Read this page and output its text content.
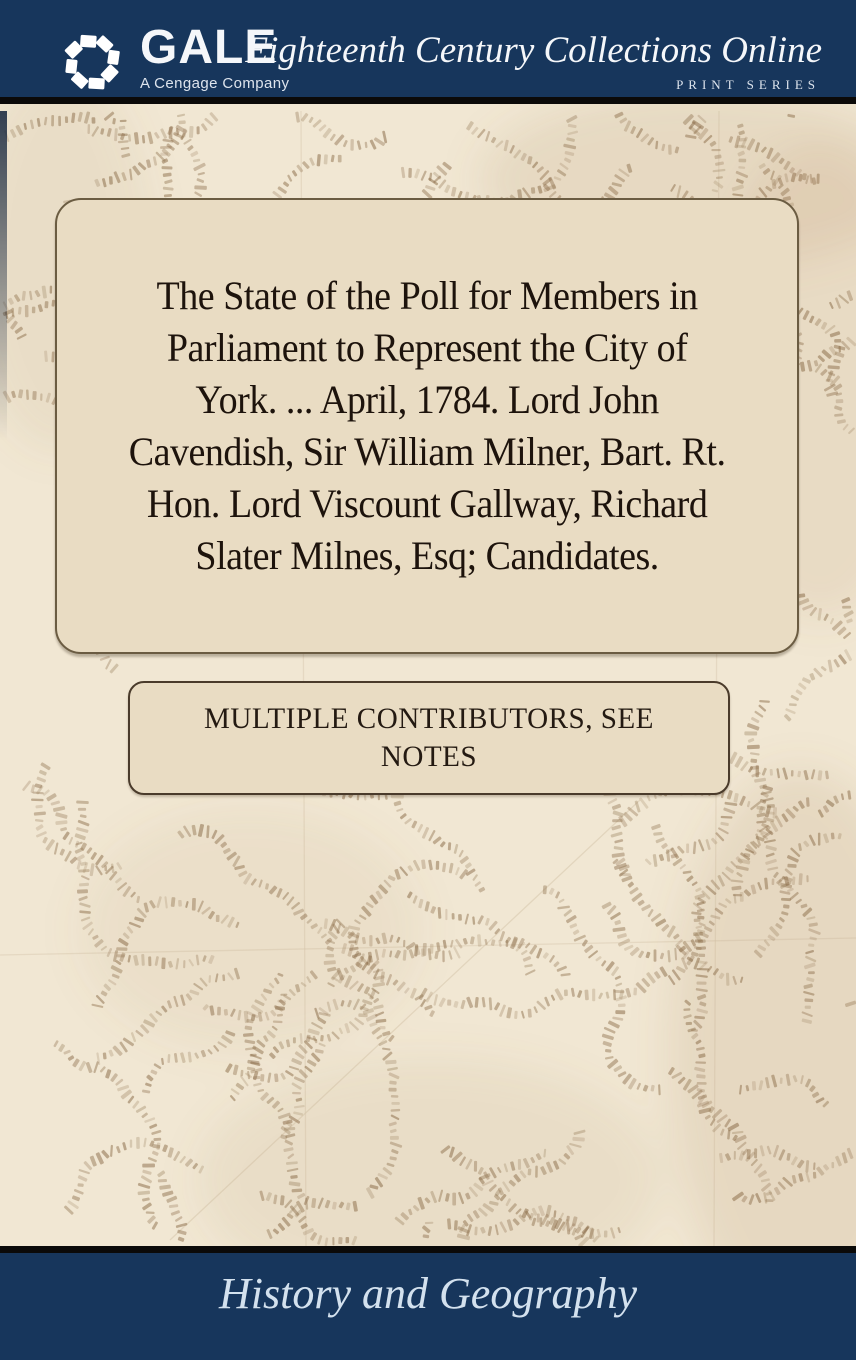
GALE
A Cengage Company
Eighteenth Century Collections Online
PRINT SERIES
The State of the Poll for Members in
Parliament to Represent the City of
York. ... April, 1784. Lord John
Cavendish, Sir William Milner, Bart. Rt.
Hon. Lord Viscount Gallway, Richard
Slater Milnes, Esq; Candidates.
MULTIPLE CONTRIBUTORS, SEE
NOTES
History and Geography
